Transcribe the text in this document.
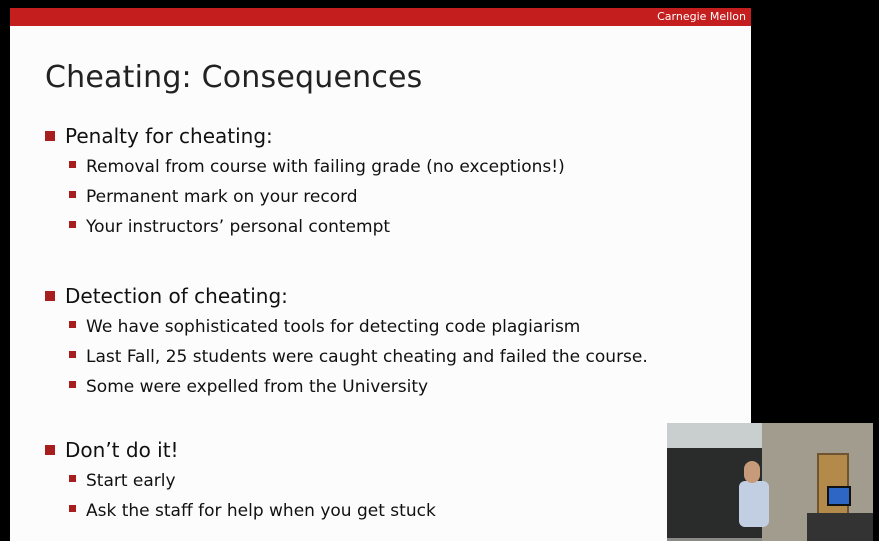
Carnegie Mellon
Cheating: Consequences
Penalty for cheating:
Removal from course with failing grade (no exceptions!)
Permanent mark on your record
Your instructors’ personal contempt
Detection of cheating:
We have sophisticated tools for detecting code plagiarism
Last Fall, 25 students were caught cheating and failed the course.
Some were expelled from the University
Don’t do it!
Start early
Ask the staff for help when you get stuck
